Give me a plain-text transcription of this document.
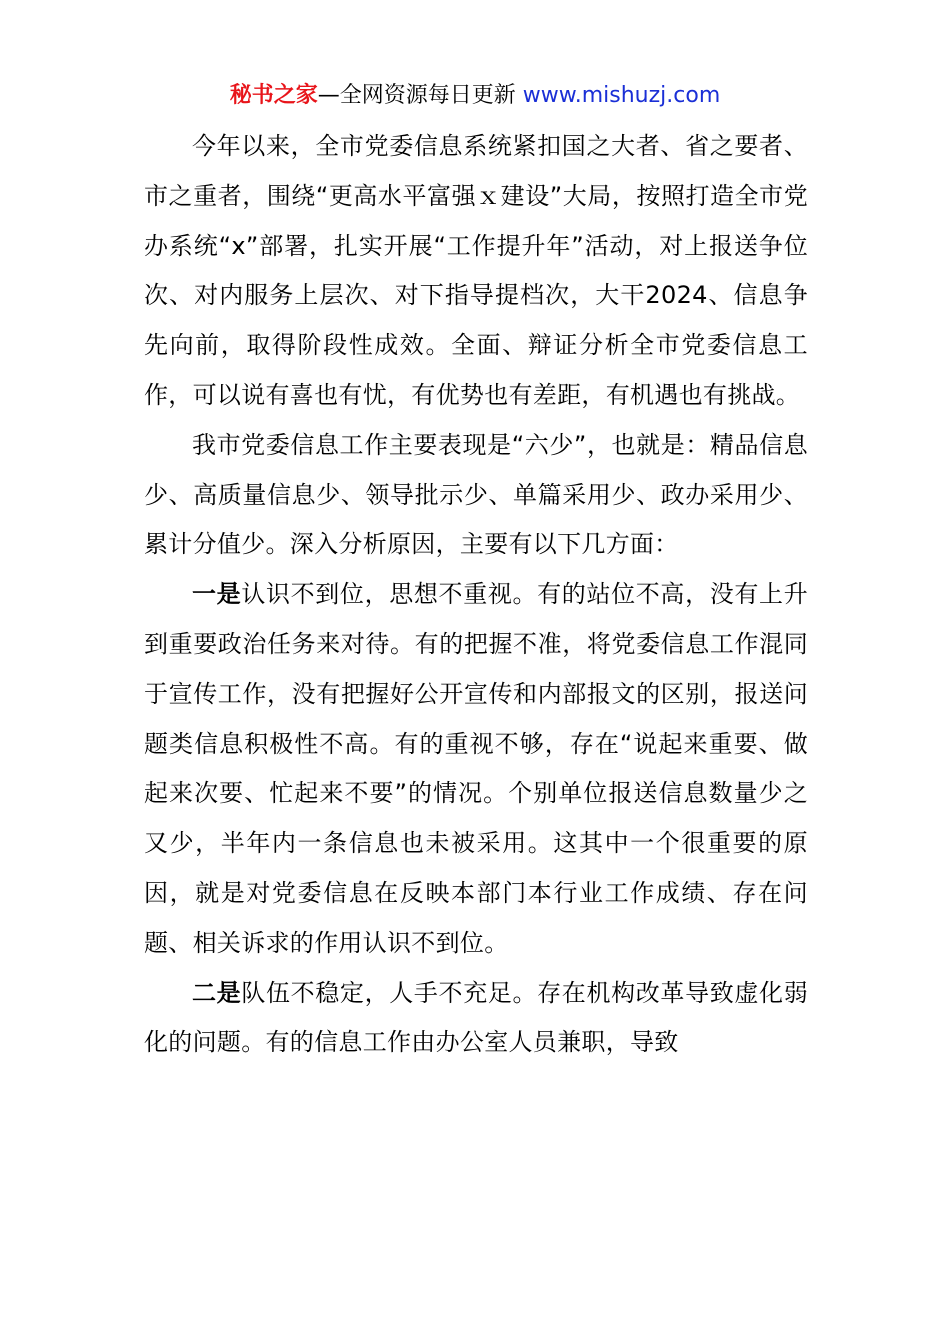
秘书之家—全网资源每日更新 www.mishuzj.com

今年以来，全市党委信息系统紧扣国之大者、省之要者、市之重者，围绕“更高水平富强ｘ建设”大局，按照打造全市党办系统“x”部署，扎实开展“工作提升年”活动，对上报送争位次、对内服务上层次、对下指导提档次，大干2024、信息争先向前，取得阶段性成效。全面、辩证分析全市党委信息工作，可以说有喜也有忧，有优势也有差距，有机遇也有挑战。

我市党委信息工作主要表现是“六少”，也就是：精品信息少、高质量信息少、领导批示少、单篇采用少、政办采用少、累计分值少。深入分析原因，主要有以下几方面：

一是认识不到位，思想不重视。有的站位不高，没有上升到重要政治任务来对待。有的把握不准，将党委信息工作混同于宣传工作，没有把握好公开宣传和内部报文的区别，报送问题类信息积极性不高。有的重视不够，存在“说起来重要、做起来次要、忙起来不要”的情况。个别单位报送信息数量少之又少，半年内一条信息也未被采用。这其中一个很重要的原因，就是对党委信息在反映本部门本行业工作成绩、存在问题、相关诉求的作用认识不到位。

二是队伍不稳定，人手不充足。存在机构改革导致虚化弱化的问题。有的信息工作由办公室人员兼职，导致
